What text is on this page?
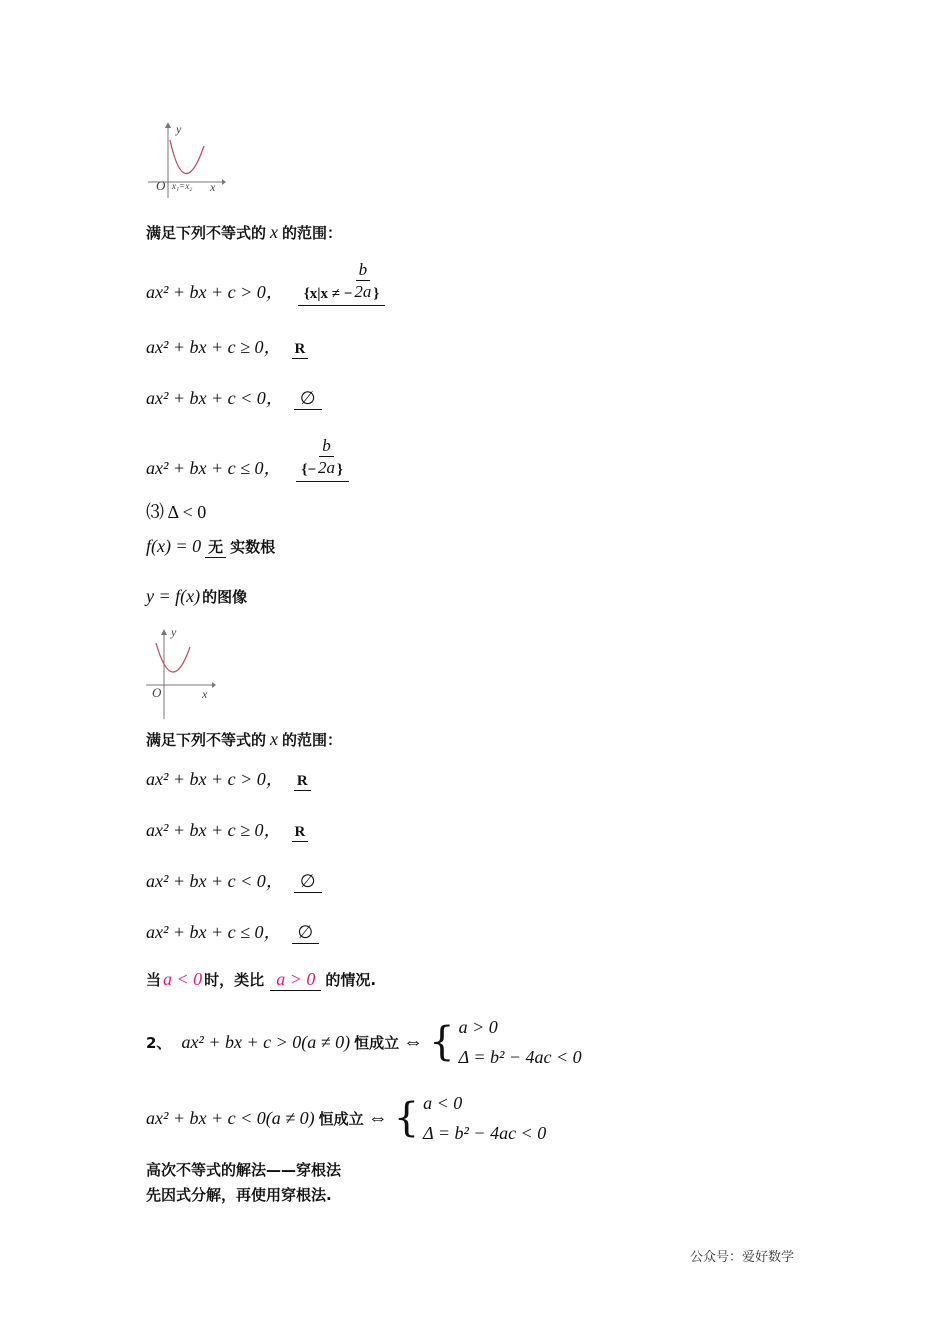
y
x
O x₁=x₂
满足下列不等式的 x 的范围：
ax² + bx + c > 0， {x|x ≠ − $\frac{b}{2a}$ }
ax² + bx + c ≥ 0， R
ax² + bx + c < 0， ∅
ax² + bx + c ≤ 0， {− $\frac{b}{2a}$ }
⑶ Δ < 0
f(x) = 0 无 实数根
y = f(x) 的图像
y
x
O
满足下列不等式的 x 的范围：
ax² + bx + c > 0， R
ax² + bx + c ≥ 0， R
ax² + bx + c < 0， ∅
ax² + bx + c ≤ 0， ∅
当 a < 0 时，类比 a > 0 的情况.
2、 ax² + bx + c > 0(a ≠ 0) 恒成立 ⇔ { a > 0
Δ = b² − 4ac < 0
ax² + bx + c < 0(a ≠ 0) 恒成立 ⇔ { a < 0
Δ = b² − 4ac < 0
高次不等式的解法——穿根法
先因式分解，再使用穿根法.
公众号：爱好数学
